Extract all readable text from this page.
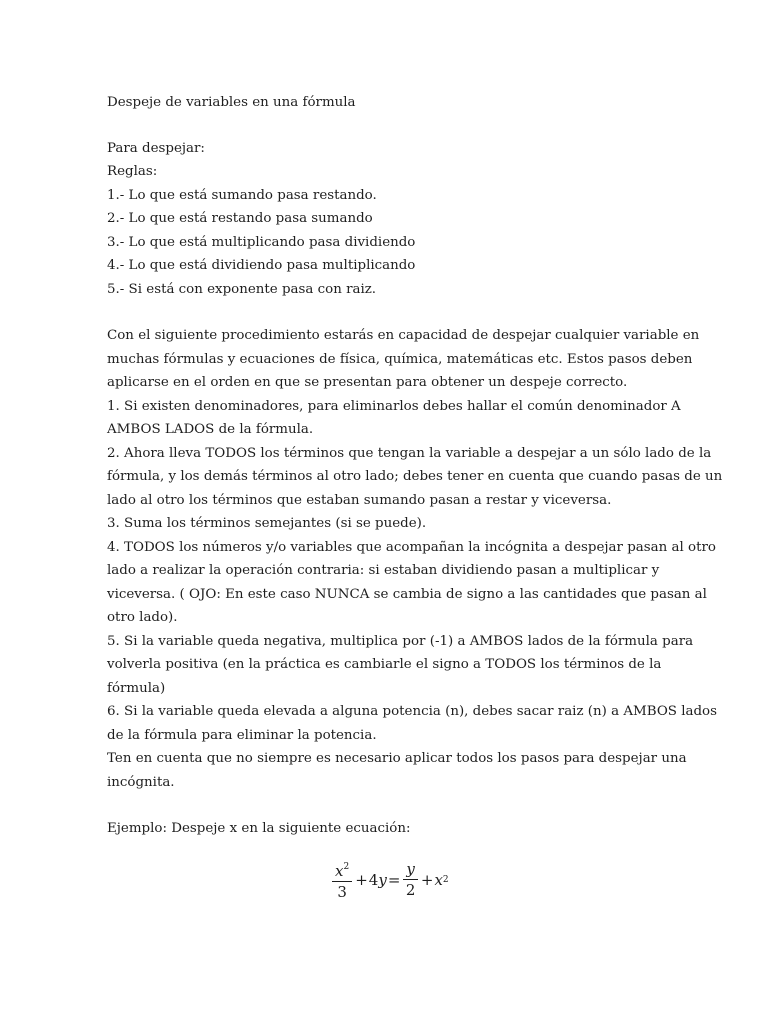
Despeje de variables en una fórmula
Para despejar:
Reglas:
1.- Lo que está sumando pasa restando.
2.- Lo que está restando pasa sumando
3.- Lo que está multiplicando pasa dividiendo
4.- Lo que está dividiendo pasa multiplicando
5.- Si está con exponente pasa con raiz.
Con el siguiente procedimiento estarás en capacidad de despejar cualquier variable en
muchas fórmulas y ecuaciones de física, química, matemáticas etc. Estos pasos deben
aplicarse en el orden en que se presentan para obtener un despeje correcto.
1. Si existen denominadores, para eliminarlos debes hallar el común denominador A
AMBOS LADOS de la fórmula.
2. Ahora lleva TODOS los términos que tengan la variable a despejar a un sólo lado de la
fórmula, y los demás términos al otro lado; debes tener en cuenta que cuando pasas de un
lado al otro los términos que estaban sumando pasan a restar y viceversa.
3. Suma los términos semejantes (si se puede).
4. TODOS los números y/o variables que acompañan la incógnita a despejar pasan al otro
lado a realizar la operación contraria: si estaban dividiendo pasan a multiplicar y
viceversa. ( OJO: En este caso NUNCA se cambia de signo a las cantidades que pasan al
otro lado).
5. Si la variable queda negativa, multiplica por (-1) a AMBOS lados de la fórmula para
volverla positiva (en la práctica es cambiarle el signo a TODOS los términos de la
fórmula)
6. Si la variable queda elevada a alguna potencia (n), debes sacar raiz (n) a AMBOS lados
de la fórmula para eliminar la potencia.
Ten en cuenta que no siempre es necesario aplicar todos los pasos para despejar una
incógnita.
Ejemplo: Despeje x en la siguiente ecuación:
$\frac{x^2}{3} + 4$ $y = \frac{y}{2} + x$ 2
